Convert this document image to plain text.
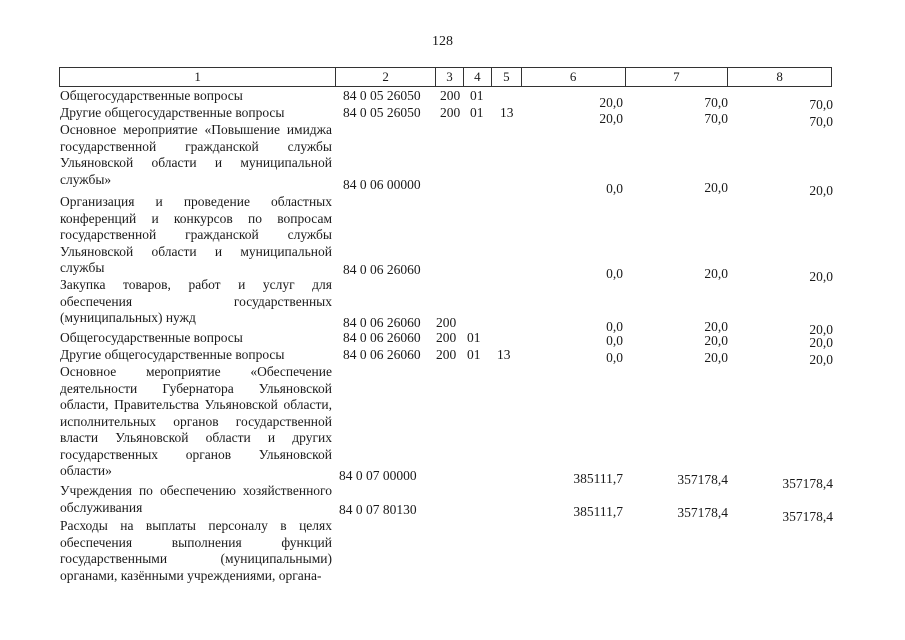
128
1	2	3	4	5	6	7	8
Общегосударственные вопросы	84 0 05 26050 200 01	20,0	70,0	70,0
Другие общегосударственные вопросы	84 0 05 26050 200 01 13	20,0	70,0	70,0
Основное мероприятие «Повышение имиджа государственной гражданской службы Ульяновской области и муниципальной службы»	84 0 06 00000	0,0	20,0	20,0
Организация и проведение областных конференций и конкурсов по вопросам государственной гражданской службы Ульяновской области и муниципальной службы	84 0 06 26060	0,0	20,0	20,0
Закупка товаров, работ и услуг для обеспечения государственных (муниципальных) нужд	84 0 06 26060 200	0,0	20,0	20,0
Общегосударственные вопросы	84 0 06 26060 200 01	0,0	20,0	20,0
Другие общегосударственные вопросы	84 0 06 26060 200 01 13	0,0	20,0	20,0
Основное мероприятие «Обеспечение деятельности Губернатора Ульяновской области, Правительства Ульяновской области, исполнительных органов государственной власти Ульяновской области и других государственных органов Ульяновской области»	84 0 07 00000	385111,7	357178,4	357178,4
Учреждения по обеспечению хозяйственного обслуживания	84 0 07 80130	385111,7	357178,4	357178,4
Расходы на выплаты персоналу в целях обеспечения выполнения функций государственными (муниципальными) органами, казёнными учреждениями, органа-
